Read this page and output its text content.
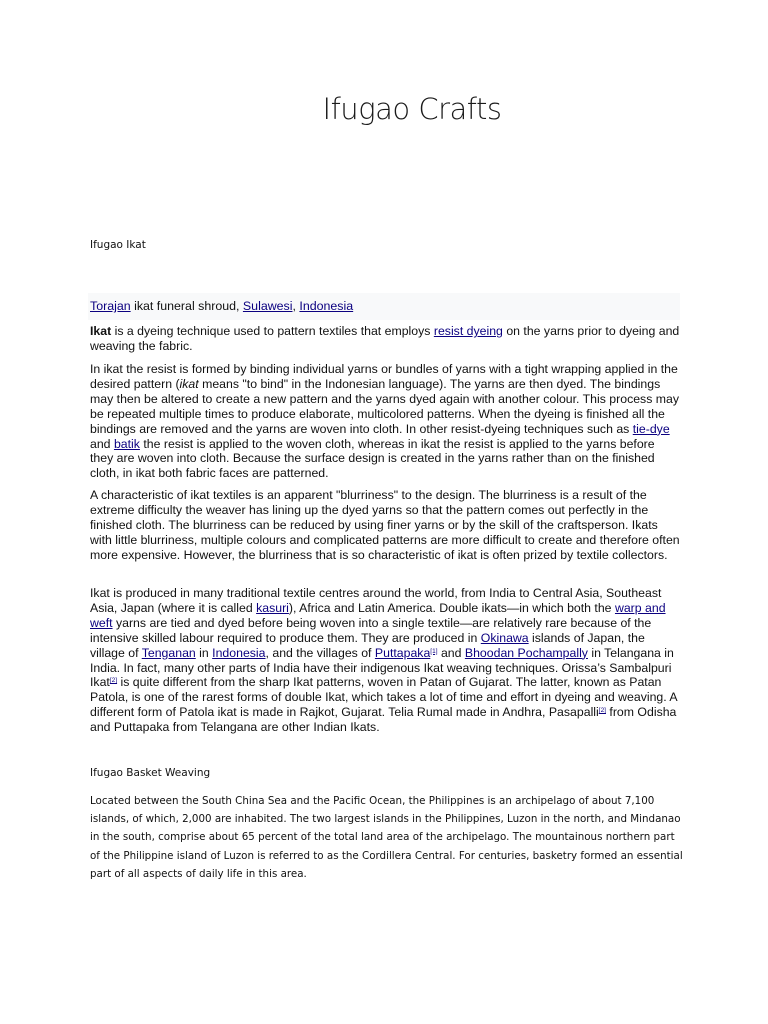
Ifugao Crafts
Ifugao Ikat
Torajan ikat funeral shroud, Sulawesi, Indonesia

Ikat is a dyeing technique used to pattern textiles that employs resist dyeing on the yarns prior to dyeing and weaving the fabric.

In ikat the resist is formed by binding individual yarns or bundles of yarns with a tight wrapping applied in the desired pattern (ikat means "to bind" in the Indonesian language). The yarns are then dyed. The bindings may then be altered to create a new pattern and the yarns dyed again with another colour. This process may be repeated multiple times to produce elaborate, multicolored patterns. When the dyeing is finished all the bindings are removed and the yarns are woven into cloth. In other resist-dyeing techniques such as tie-dye and batik the resist is applied to the woven cloth, whereas in ikat the resist is applied to the yarns before they are woven into cloth. Because the surface design is created in the yarns rather than on the finished cloth, in ikat both fabric faces are patterned.

A characteristic of ikat textiles is an apparent "blurriness" to the design. The blurriness is a result of the extreme difficulty the weaver has lining up the dyed yarns so that the pattern comes out perfectly in the finished cloth. The blurriness can be reduced by using finer yarns or by the skill of the craftsperson. Ikats with little blurriness, multiple colours and complicated patterns are more difficult to create and therefore often more expensive. However, the blurriness that is so characteristic of ikat is often prized by textile collectors.

Ikat is produced in many traditional textile centres around the world, from India to Central Asia, Southeast Asia, Japan (where it is called kasuri), Africa and Latin America. Double ikats—in which both the warp and weft yarns are tied and dyed before being woven into a single textile—are relatively rare because of the intensive skilled labour required to produce them. They are produced in Okinawa islands of Japan, the village of Tenganan in Indonesia, and the villages of Puttapaka[1] and Bhoodan Pochampally in Telangana in India. In fact, many other parts of India have their indigenous Ikat weaving techniques. Orissa’s Sambalpuri Ikat[2] is quite different from the sharp Ikat patterns, woven in Patan of Gujarat. The latter, known as Patan Patola, is one of the rarest forms of double Ikat, which takes a lot of time and effort in dyeing and weaving. A different form of Patola ikat is made in Rajkot, Gujarat. Telia Rumal made in Andhra, Pasapalli[2] from Odisha and Puttapaka from Telangana are other Indian Ikats.

Ifugao Basket Weaving

Located between the South China Sea and the Pacific Ocean, the Philippines is an archipelago of about 7,100 islands, of which, 2,000 are inhabited. The two largest islands in the Philippines, Luzon in the north, and Mindanao in the south, comprise about 65 percent of the total land area of the archipelago. The mountainous northern part of the Philippine island of Luzon is referred to as the Cordillera Central. For centuries, basketry formed an essential part of all aspects of daily life in this area.
